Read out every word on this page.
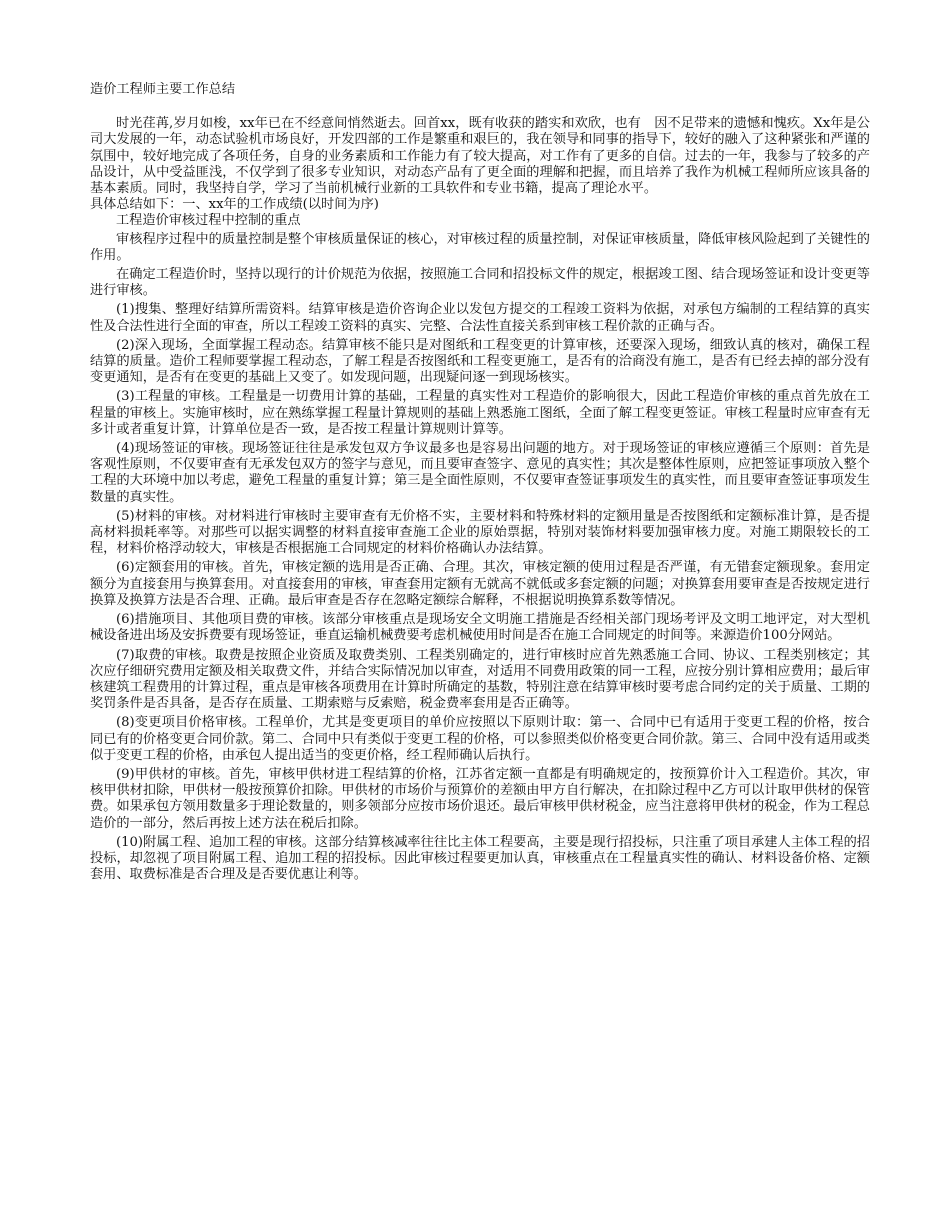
造价工程师主要工作总结

时光荏苒,岁月如梭，xx年已在不经意间悄然逝去。回首xx，既有收获的踏实和欢欣，也有　因不足带来的遗憾和愧疚。Xx年是公司大发展的一年，动态试验机市场良好，开发四部的工作是繁重和艰巨的，我在领导和同事的指导下，较好的融入了这种紧张和严谨的氛围中，较好地完成了各项任务，自身的业务素质和工作能力有了较大提高，对工作有了更多的自信。过去的一年，我参与了较多的产品设计，从中受益匪浅，不仅学到了很多专业知识，对动态产品有了更全面的理解和把握，而且培养了我作为机械工程师所应该具备的基本素质。同时，我坚持自学，学习了当前机械行业新的工具软件和专业书籍，提高了理论水平。

具体总结如下：一、xx年的工作成绩(以时间为序)

工程造价审核过程中控制的重点

审核程序过程中的质量控制是整个审核质量保证的核心，对审核过程的质量控制，对保证审核质量，降低审核风险起到了关键性的作用。

在确定工程造价时，坚持以现行的计价规范为依据，按照施工合同和招投标文件的规定，根据竣工图、结合现场签证和设计变更等进行审核。

(1)搜集、整理好结算所需资料。结算审核是造价咨询企业以发包方提交的工程竣工资料为依据，对承包方编制的工程结算的真实性及合法性进行全面的审查，所以工程竣工资料的真实、完整、合法性直接关系到审核工程价款的正确与否。

(2)深入现场，全面掌握工程动态。结算审核不能只是对图纸和工程变更的计算审核，还要深入现场，细致认真的核对，确保工程结算的质量。造价工程师要掌握工程动态，了解工程是否按图纸和工程变更施工，是否有的洽商没有施工，是否有已经去掉的部分没有变更通知，是否有在变更的基础上又变了。如发现问题，出现疑问逐一到现场核实。

(3)工程量的审核。工程量是一切费用计算的基础，工程量的真实性对工程造价的影响很大，因此工程造价审核的重点首先放在工程量的审核上。实施审核时，应在熟练掌握工程量计算规则的基础上熟悉施工图纸，全面了解工程变更签证。审核工程量时应审查有无多计或者重复计算，计算单位是否一致，是否按工程量计算规则计算等。

(4)现场签证的审核。现场签证往往是承发包双方争议最多也是容易出问题的地方。对于现场签证的审核应遵循三个原则：首先是客观性原则，不仅要审查有无承发包双方的签字与意见，而且要审查签字、意见的真实性；其次是整体性原则，应把签证事项放入整个工程的大环境中加以考虑，避免工程量的重复计算；第三是全面性原则，不仅要审查签证事项发生的真实性，而且要审查签证事项发生数量的真实性。

(5)材料的审核。对材料进行审核时主要审查有无价格不实，主要材料和特殊材料的定额用量是否按图纸和定额标准计算，是否提高材料损耗率等。对那些可以据实调整的材料直接审查施工企业的原始票据，特别对装饰材料要加强审核力度。对施工期限较长的工程，材料价格浮动较大，审核是否根据施工合同规定的材料价格确认办法结算。

(6)定额套用的审核。首先，审核定额的选用是否正确、合理。其次，审核定额的使用过程是否严谨，有无错套定额现象。套用定额分为直接套用与换算套用。对直接套用的审核，审查套用定额有无就高不就低或多套定额的问题；对换算套用要审查是否按规定进行换算及换算方法是否合理、正确。最后审查是否存在忽略定额综合解释，不根据说明换算系数等情况。

(6)措施项目、其他项目费的审核。该部分审核重点是现场安全文明施工措施是否经相关部门现场考评及文明工地评定，对大型机械设备进出场及安拆费要有现场签证，垂直运输机械费要考虑机械使用时间是否在施工合同规定的时间等。来源造价100分网站。

(7)取费的审核。取费是按照企业资质及取费类别、工程类别确定的，进行审核时应首先熟悉施工合同、协议、工程类别核定；其次应仔细研究费用定额及相关取费文件，并结合实际情况加以审查，对适用不同费用政策的同一工程，应按分别计算相应费用；最后审核建筑工程费用的计算过程，重点是审核各项费用在计算时所确定的基数，特别注意在结算审核时要考虑合同约定的关于质量、工期的奖罚条件是否具备，是否存在质量、工期索赔与反索赔，税金费率套用是否正确等。

(8)变更项目价格审核。工程单价，尤其是变更项目的单价应按照以下原则计取：第一、合同中已有适用于变更工程的价格，按合同已有的价格变更合同价款。第二、合同中只有类似于变更工程的价格，可以参照类似价格变更合同价款。第三、合同中没有适用或类似于变更工程的价格，由承包人提出适当的变更价格，经工程师确认后执行。

(9)甲供材的审核。首先，审核甲供材进工程结算的价格，江苏省定额一直都是有明确规定的，按预算价计入工程造价。其次，审核甲供材扣除，甲供材一般按预算价扣除。甲供材的市场价与预算价的差额由甲方自行解决，在扣除过程中乙方可以计取甲供材的保管费。如果承包方领用数量多于理论数量的，则多领部分应按市场价退还。最后审核甲供材税金，应当注意将甲供材的税金，作为工程总造价的一部分，然后再按上述方法在税后扣除。

(10)附属工程、追加工程的审核。这部分结算核减率往往比主体工程要高，主要是现行招投标，只注重了项目承建人主体工程的招投标，却忽视了项目附属工程、追加工程的招投标。因此审核过程要更加认真，审核重点在工程量真实性的确认、材料设备价格、定额套用、取费标准是否合理及是否要优惠让利等。
